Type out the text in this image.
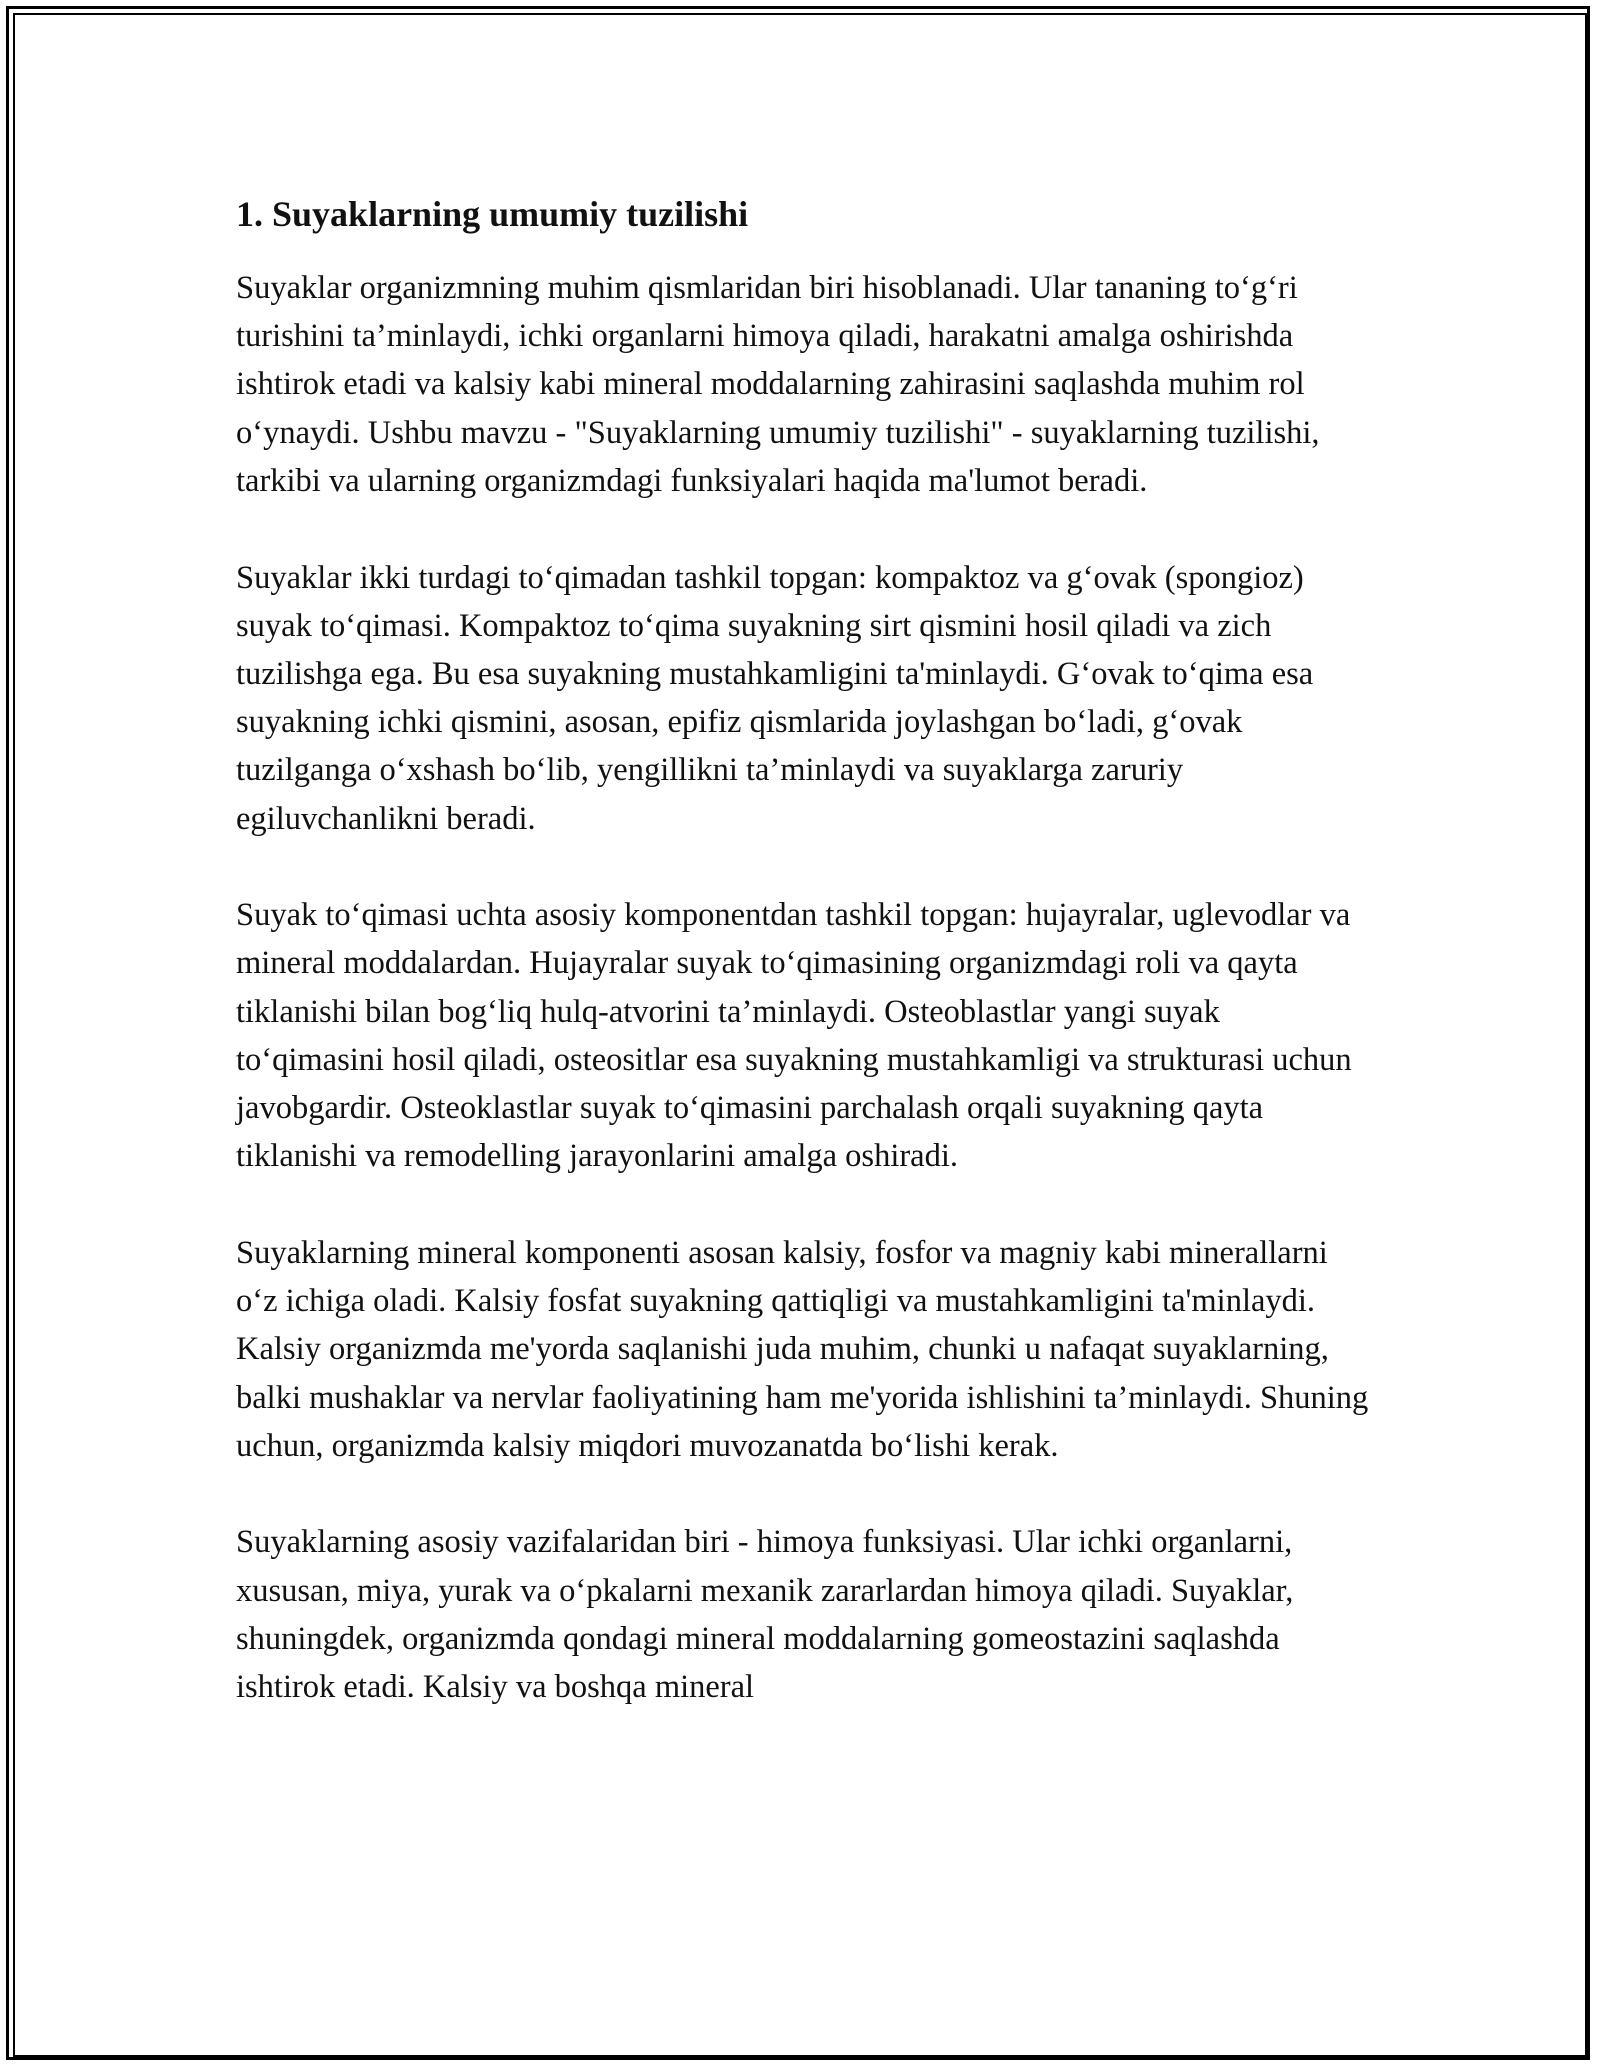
1. Suyaklarning umumiy tuzilishi

Suyaklar organizmning muhim qismlaridan biri hisoblanadi. Ular tananing to‘g‘ri turishini ta’minlaydi, ichki organlarni himoya qiladi, harakatni amalga oshirishda ishtirok etadi va kalsiy kabi mineral moddalarning zahirasini saqlashda muhim rol o‘ynaydi. Ushbu mavzu - "Suyaklarning umumiy tuzilishi" - suyaklarning tuzilishi, tarkibi va ularning organizmdagi funksiyalari haqida ma'lumot beradi.

Suyaklar ikki turdagi to‘qimadan tashkil topgan: kompaktoz va g‘ovak (spongioz) suyak to‘qimasi. Kompaktoz to‘qima suyakning sirt qismini hosil qiladi va zich tuzilishga ega. Bu esa suyakning mustahkamligini ta'minlaydi. G‘ovak to‘qima esa suyakning ichki qismini, asosan, epifiz qismlarida joylashgan bo‘ladi, g‘ovak tuzilganga o‘xshash bo‘lib, yengillikni ta’minlaydi va suyaklarga zaruriy egiluvchanlikni beradi.

Suyak to‘qimasi uchta asosiy komponentdan tashkil topgan: hujayralar, uglevodlar va mineral moddalardan. Hujayralar suyak to‘qimasining organizmdagi roli va qayta tiklanishi bilan bog‘liq hulq-atvorini ta’minlaydi. Osteoblastlar yangi suyak to‘qimasini hosil qiladi, osteositlar esa suyakning mustahkamligi va strukturasi uchun javobgardir. Osteoklastlar suyak to‘qimasini parchalash orqali suyakning qayta tiklanishi va remodelling jarayonlarini amalga oshiradi.

Suyaklarning mineral komponenti asosan kalsiy, fosfor va magniy kabi minerallarni o‘z ichiga oladi. Kalsiy fosfat suyakning qattiqligi va mustahkamligini ta'minlaydi. Kalsiy organizmda me'yorda saqlanishi juda muhim, chunki u nafaqat suyaklarning, balki mushaklar va nervlar faoliyatining ham me'yorida ishlishini ta’minlaydi. Shuning uchun, organizmda kalsiy miqdori muvozanatda bo‘lishi kerak.

Suyaklarning asosiy vazifalaridan biri - himoya funksiyasi. Ular ichki organlarni, xususan, miya, yurak va o‘pkalarni mexanik zararlardan himoya qiladi. Suyaklar, shuningdek, organizmda qondagi mineral moddalarning gomeostazini saqlashda ishtirok etadi. Kalsiy va boshqa mineral
